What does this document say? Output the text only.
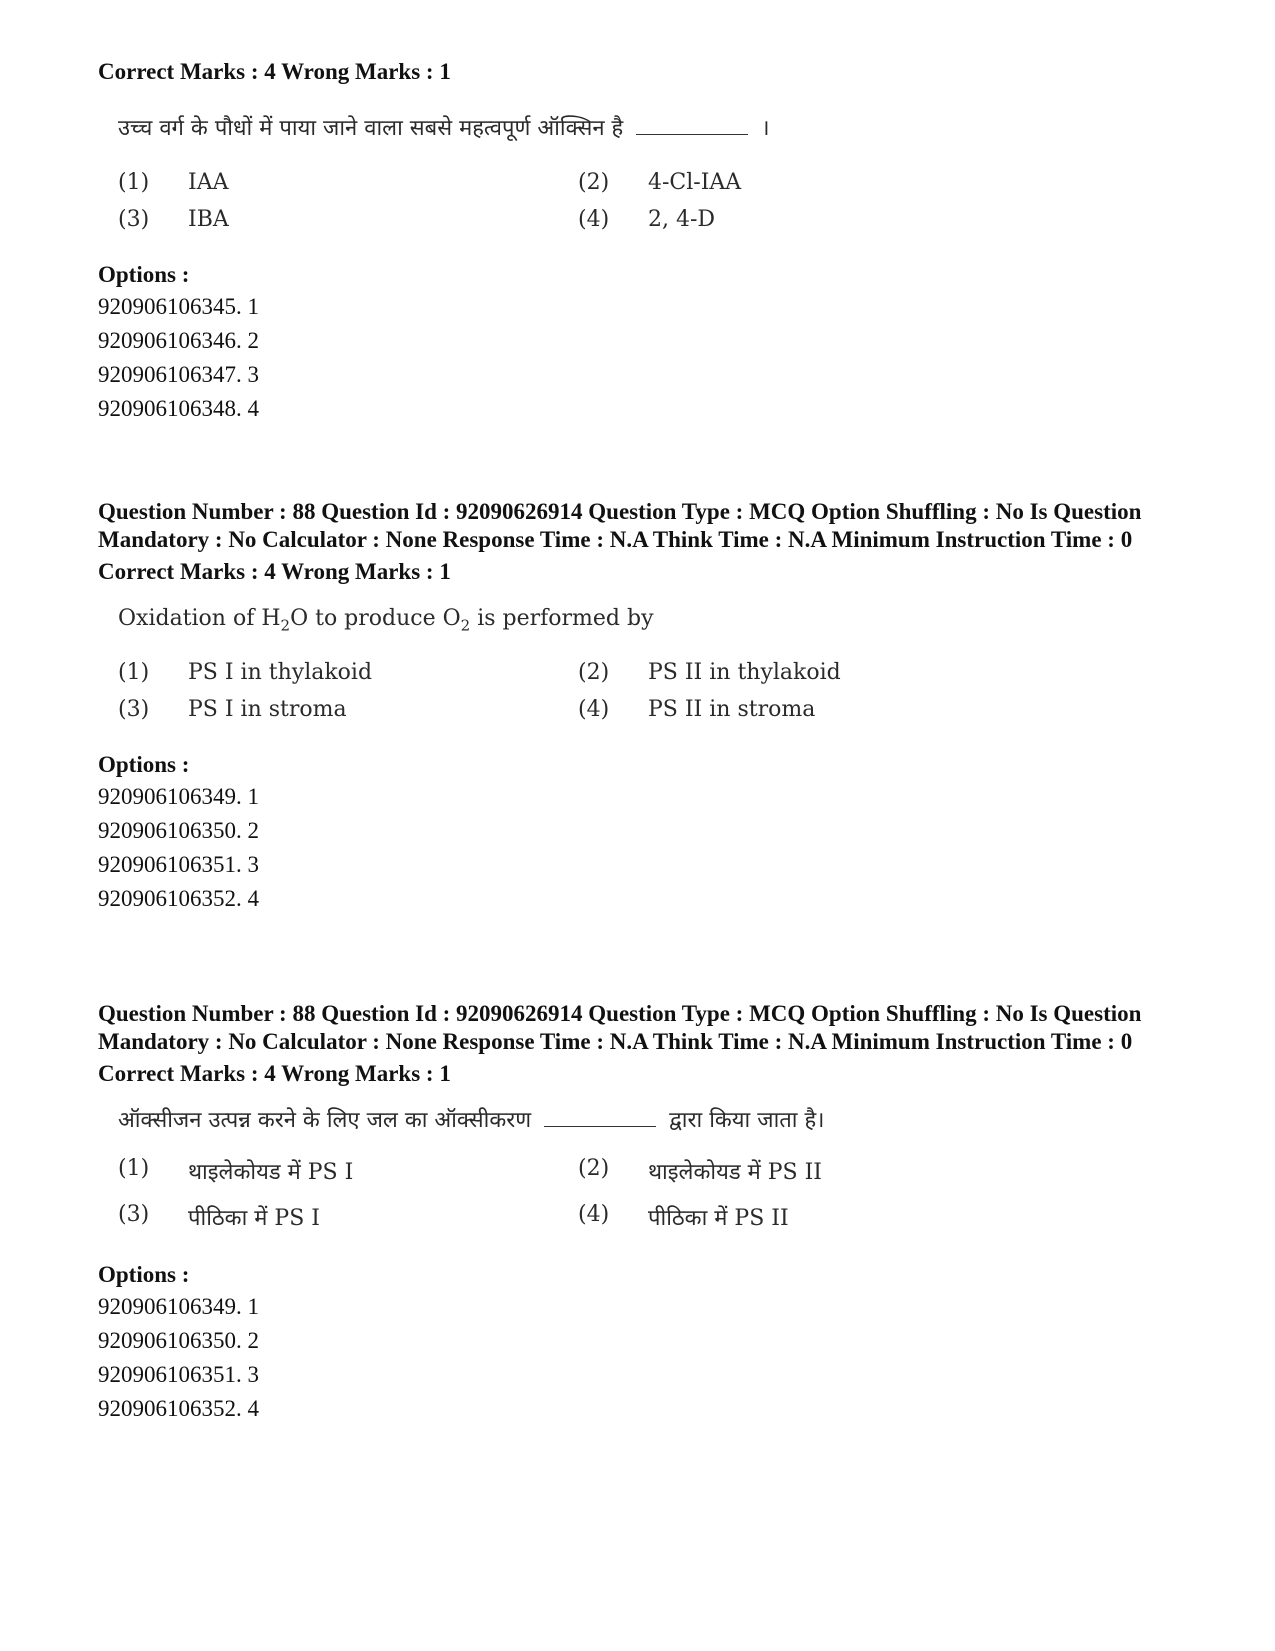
Correct Marks : 4 Wrong Marks : 1

उच्च वर्ग के पौधों में पाया जाने वाला सबसे महत्वपूर्ण ऑक्सिन है	।
(1)	IAA	(2)	4-Cl-IAA
(3)	IBA	(4)	2, 4-D

Options :

920906106345. 1
920906106346. 2
920906106347. 3
920906106348. 4

Question Number : 88 Question Id : 92090626914 Question Type : MCQ Option Shuffling : No Is Question Mandatory : No Calculator : None Response Time : N.A Think Time : N.A Minimum Instruction Time : 0

Correct Marks : 4 Wrong Marks : 1

Oxidation of $H_2O$ to produce $O_2$ is performed by
(1)	PS I in thylakoid	(2)	PS II in thylakoid
(3)	PS I in stroma	(4)	PS II in stroma

Options :

920906106349. 1
920906106350. 2
920906106351. 3
920906106352. 4

Question Number : 88 Question Id : 92090626914 Question Type : MCQ Option Shuffling : No Is Question Mandatory : No Calculator : None Response Time : N.A Think Time : N.A Minimum Instruction Time : 0

Correct Marks : 4 Wrong Marks : 1

ऑक्सीजन उत्पन्न करने के लिए जल का ऑक्सीकरण	द्वारा किया जाता है।
(1)	थाइलेकोयड में PS I	(2)	थाइलेकोयड में PS II
(3)	पीठिका में PS I	(4)	पीठिका में PS II

Options :

920906106349. 1
920906106350. 2
920906106351. 3
920906106352. 4
